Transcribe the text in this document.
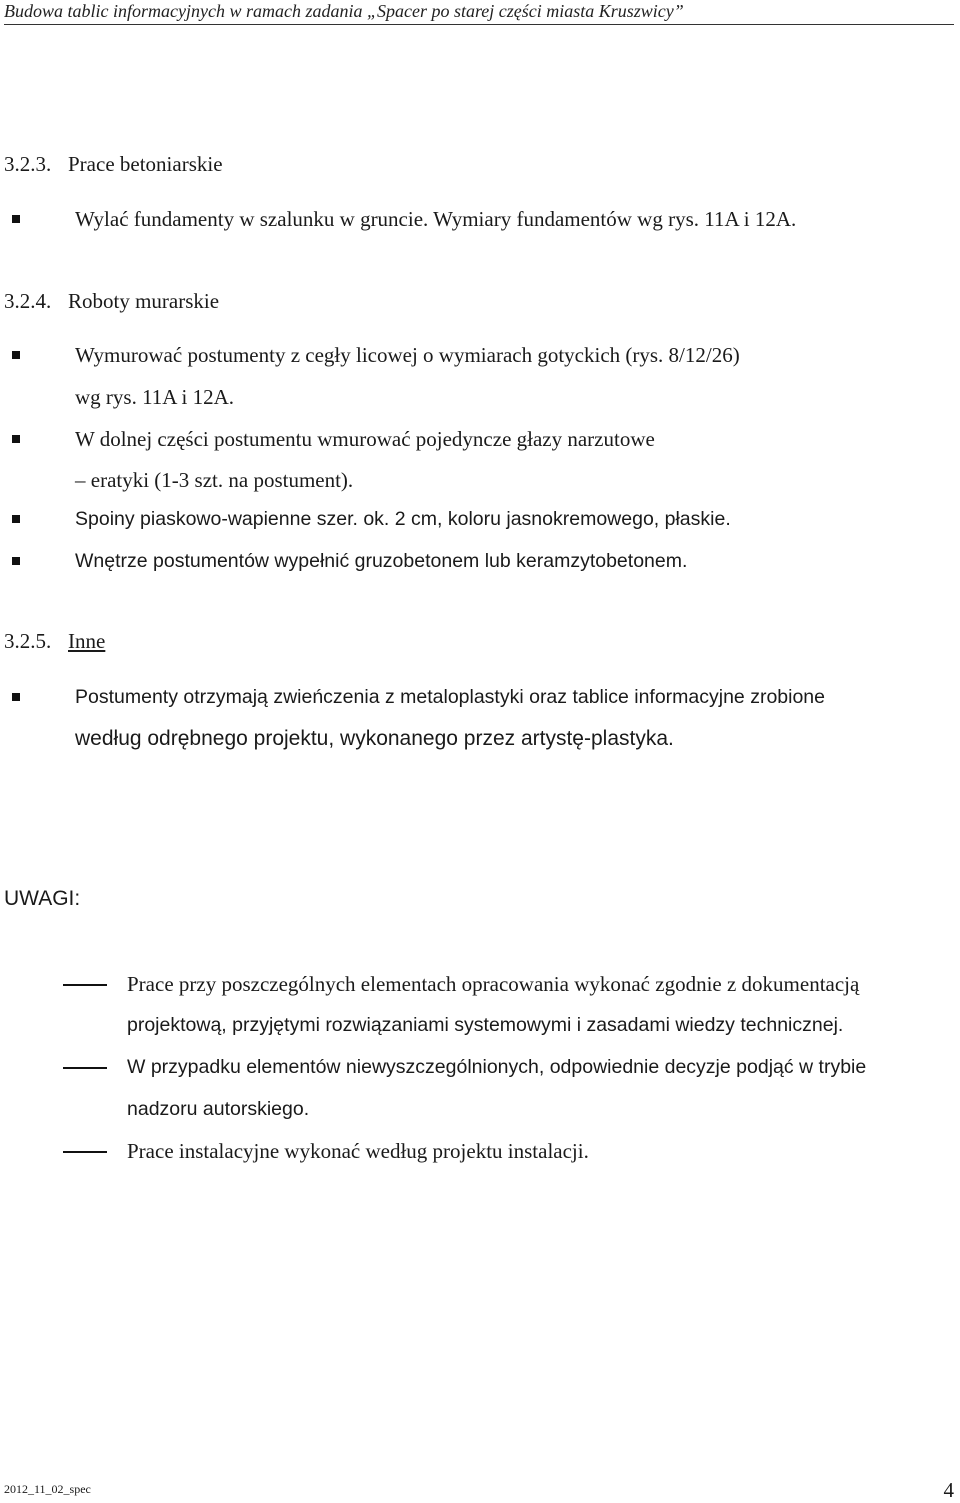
Budowa tablic informacyjnych w ramach zadania „Spacer po starej części miasta Kruszwicy”
3.2.3. Prace betoniarskie
Wylać fundamenty w szalunku w gruncie. Wymiary fundamentów wg rys. 11A i 12A.
3.2.4. Roboty murarskie
Wymurować postumenty z cegły licowej o wymiarach gotyckich (rys. 8/12/26)
wg rys. 11A i 12A.
W dolnej części postumentu wmurować pojedyncze głazy narzutowe
– eratyki (1-3 szt. na postument).
Spoiny piaskowo-wapienne szer. ok. 2 cm, koloru jasnokremowego, płaskie.
Wnętrze postumentów wypełnić gruzobetonem lub keramzytobetonem.
3.2.5. Inne
Postumenty otrzymają zwieńczenia z metaloplastyki oraz tablice informacyjne zrobione
według odrębnego projektu, wykonanego przez artystę-plastyka.
UWAGI:
Prace przy poszczególnych elementach opracowania wykonać zgodnie z dokumentacją
projektową, przyjętymi rozwiązaniami systemowymi i zasadami wiedzy technicznej.
W przypadku elementów niewyszczególnionych, odpowiednie decyzje podjąć w trybie
nadzoru autorskiego.
Prace instalacyjne wykonać według projektu instalacji.
2012_11_02_spec	4
